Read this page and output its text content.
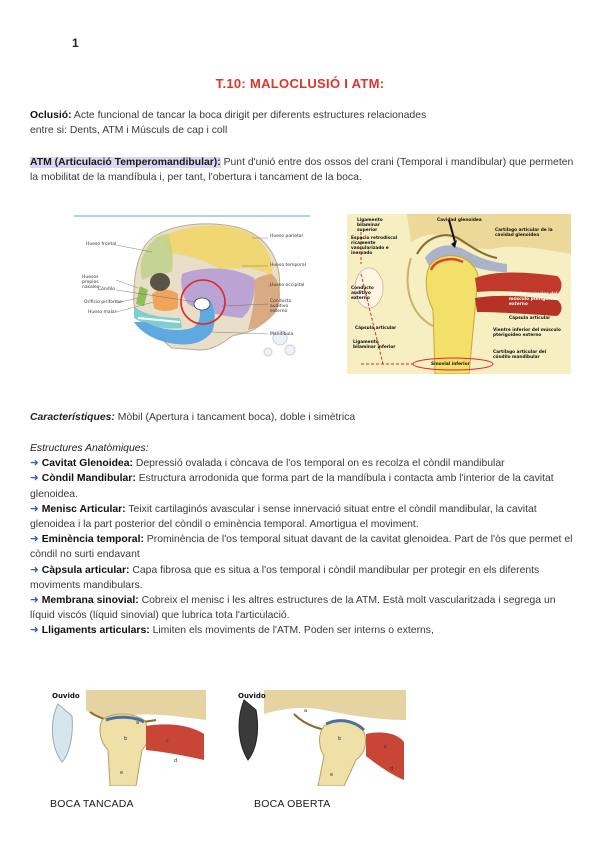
1
T.10: MALOCLUSIÓ I ATM:
Oclusió: Acte funcional de tancar la boca dirigit per diferents estructures relacionades
entre si: Dents, ATM i Músculs de cap i coll
ATM (Articulació Temperomandibular): Punt d'unió entre dos ossos del crani (Temporal i mandíbular) que permeten la mobilitat de la mandíbula i, per tant, l'obertura i tancament de la boca.
Hueso parietal
Hueso frontal
Hueso temporal
Huesos propios nasales
Cóndilo
Hueso occipital
Orificio piriforme	Conducto auditivo externo
Hueso malar
Mandíbula
Ligamento bilaminar superior
Cavidad glenoidea
Espacio retrodiscal ricamente vascularizado e inervado
Cartílago articular de la cavidad glenoidea
Conducto auditivo externo
Vientre superior del músculo pterigoideo externo
Cápsula articular
Cápsula articular
Ligamento bilaminar inferior
Vientre inferior del músculo pterigoideo externo
Cartílago articular del cóndilo mandibular
Sinovial inferior
Característiques: Mòbil (Apertura i tancament boca), doble i simètrica
Estructures Anatòmiques:
➜ Cavitat Glenoidea: Depressió ovalada i còncava de l'os temporal on es recolza el còndil mandibular
➜ Còndil Mandibular: Estructura arrodonida que forma part de la mandíbula i contacta amb l'interior de la cavitat glenoidea.
➜ Menisc Articular: Teixit cartilaginós avascular i sense innervació situat entre el còndil mandibular, la cavitat glenoidea i la part posterior del còndil o eminència temporal. Amortigua el moviment.
➜ Eminència temporal: Prominència de l'os temporal situat davant de la cavitat glenoidea. Part de l'òs que permet el còndil no surti endavant
➜ Càpsula articular: Capa fibrosa que es situa a l'os temporal i còndil mandibular per protegir en els diferents moviments mandibulars.
➜ Membrana sinovial: Cobreix el menisc i les altres estructures de la ATM. Està molt vascularitzada i segrega un líquid viscós (líquid sinovial) que lubrica tota l'articulació.
➜ Lligaments articulars: Limiten els moviments de l'ATM. Poden ser interns o externs,
Ouvido
a
b	c
d
e
BOCA TANCADA
Ouvido
Ear hole
a
b
c
d
e
BOCA OBERTA
